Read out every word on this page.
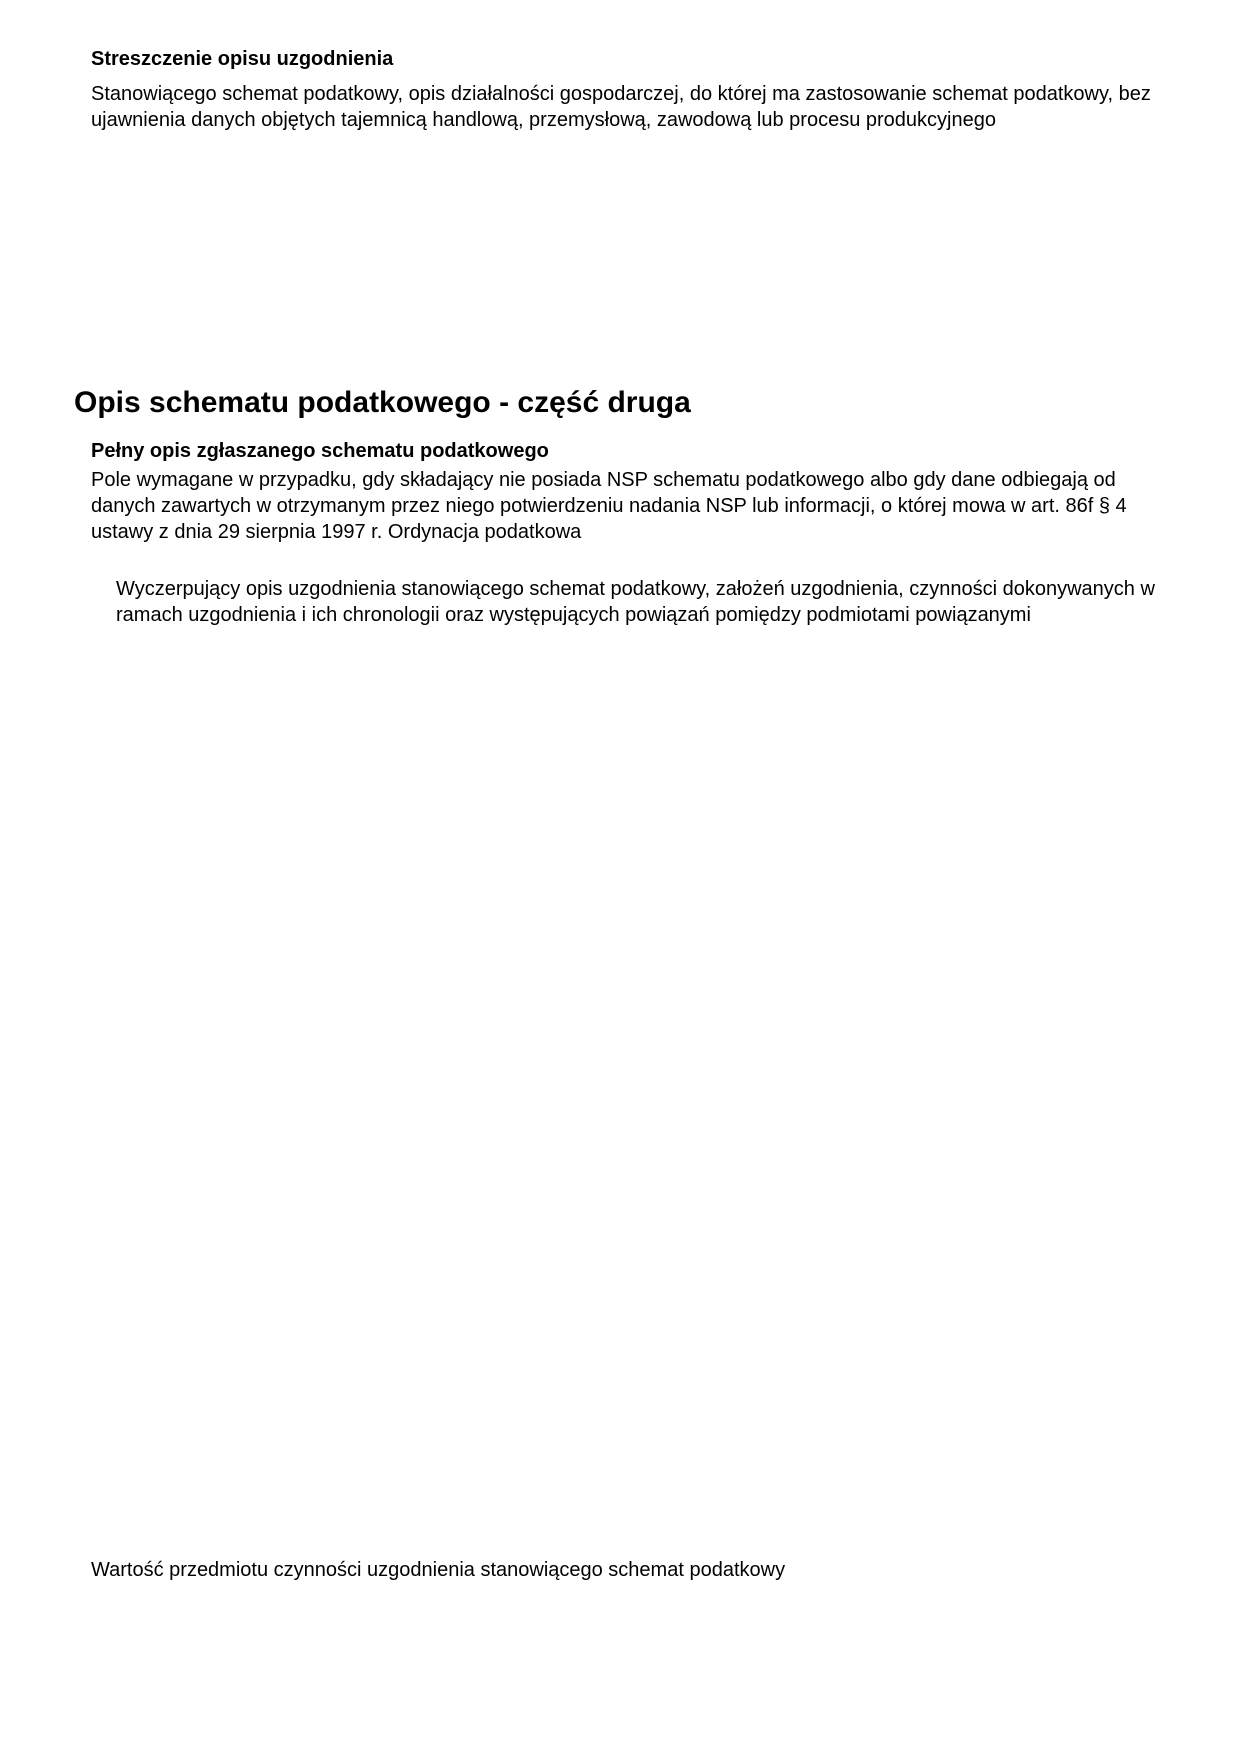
Streszczenie opisu uzgodnienia

Stanowiącego schemat podatkowy, opis działalności gospodarczej, do której ma zastosowanie schemat podatkowy, bez ujawnienia danych objętych tajemnicą handlową, przemysłową, zawodową lub procesu produkcyjnego

Opis schematu podatkowego - część druga

Pełny opis zgłaszanego schematu podatkowego

Pole wymagane w przypadku, gdy składający nie posiada NSP schematu podatkowego albo gdy dane odbiegają od danych zawartych w otrzymanym przez niego potwierdzeniu nadania NSP lub informacji, o której mowa w art. 86f § 4 ustawy z dnia 29 sierpnia 1997 r. Ordynacja podatkowa

Wyczerpujący opis uzgodnienia stanowiącego schemat podatkowy, założeń uzgodnienia, czynności dokonywanych w ramach uzgodnienia i ich chronologii oraz występujących powiązań pomiędzy podmiotami powiązanymi

Wartość przedmiotu czynności uzgodnienia stanowiącego schemat podatkowy
